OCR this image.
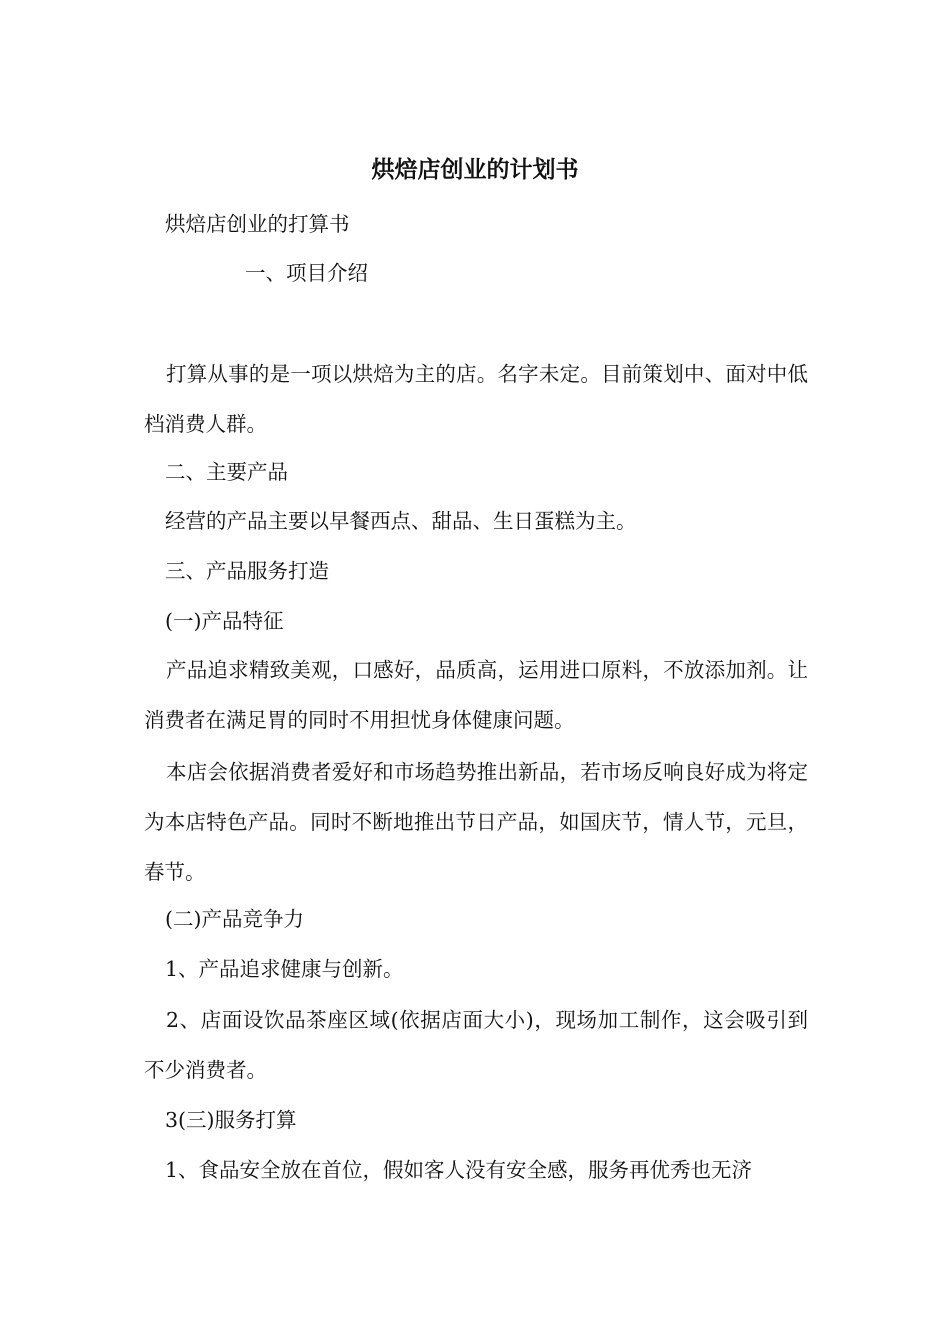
烘焙店创业的计划书
烘焙店创业的打算书
一、项目介绍

打算从事的是一项以烘焙为主的店。名字未定。目前策划中、面对中低档消费人群。

二、主要产品
经营的产品主要以早餐西点、甜品、生日蛋糕为主。
三、产品服务打造
(一)产品特征

产品追求精致美观，口感好，品质高，运用进口原料，不放添加剂。让消费者在满足胃的同时不用担忧身体健康问题。

本店会依据消费者爱好和市场趋势推出新品，若市场反响良好成为将定为本店特色产品。同时不断地推出节日产品，如国庆节，情人节，元旦，春节。

(二)产品竞争力
1、产品追求健康与创新。

2、店面设饮品茶座区域(依据店面大小)，现场加工制作，这会吸引到不少消费者。

3(三)服务打算
1、食品安全放在首位，假如客人没有安全感，服务再优秀也无济
